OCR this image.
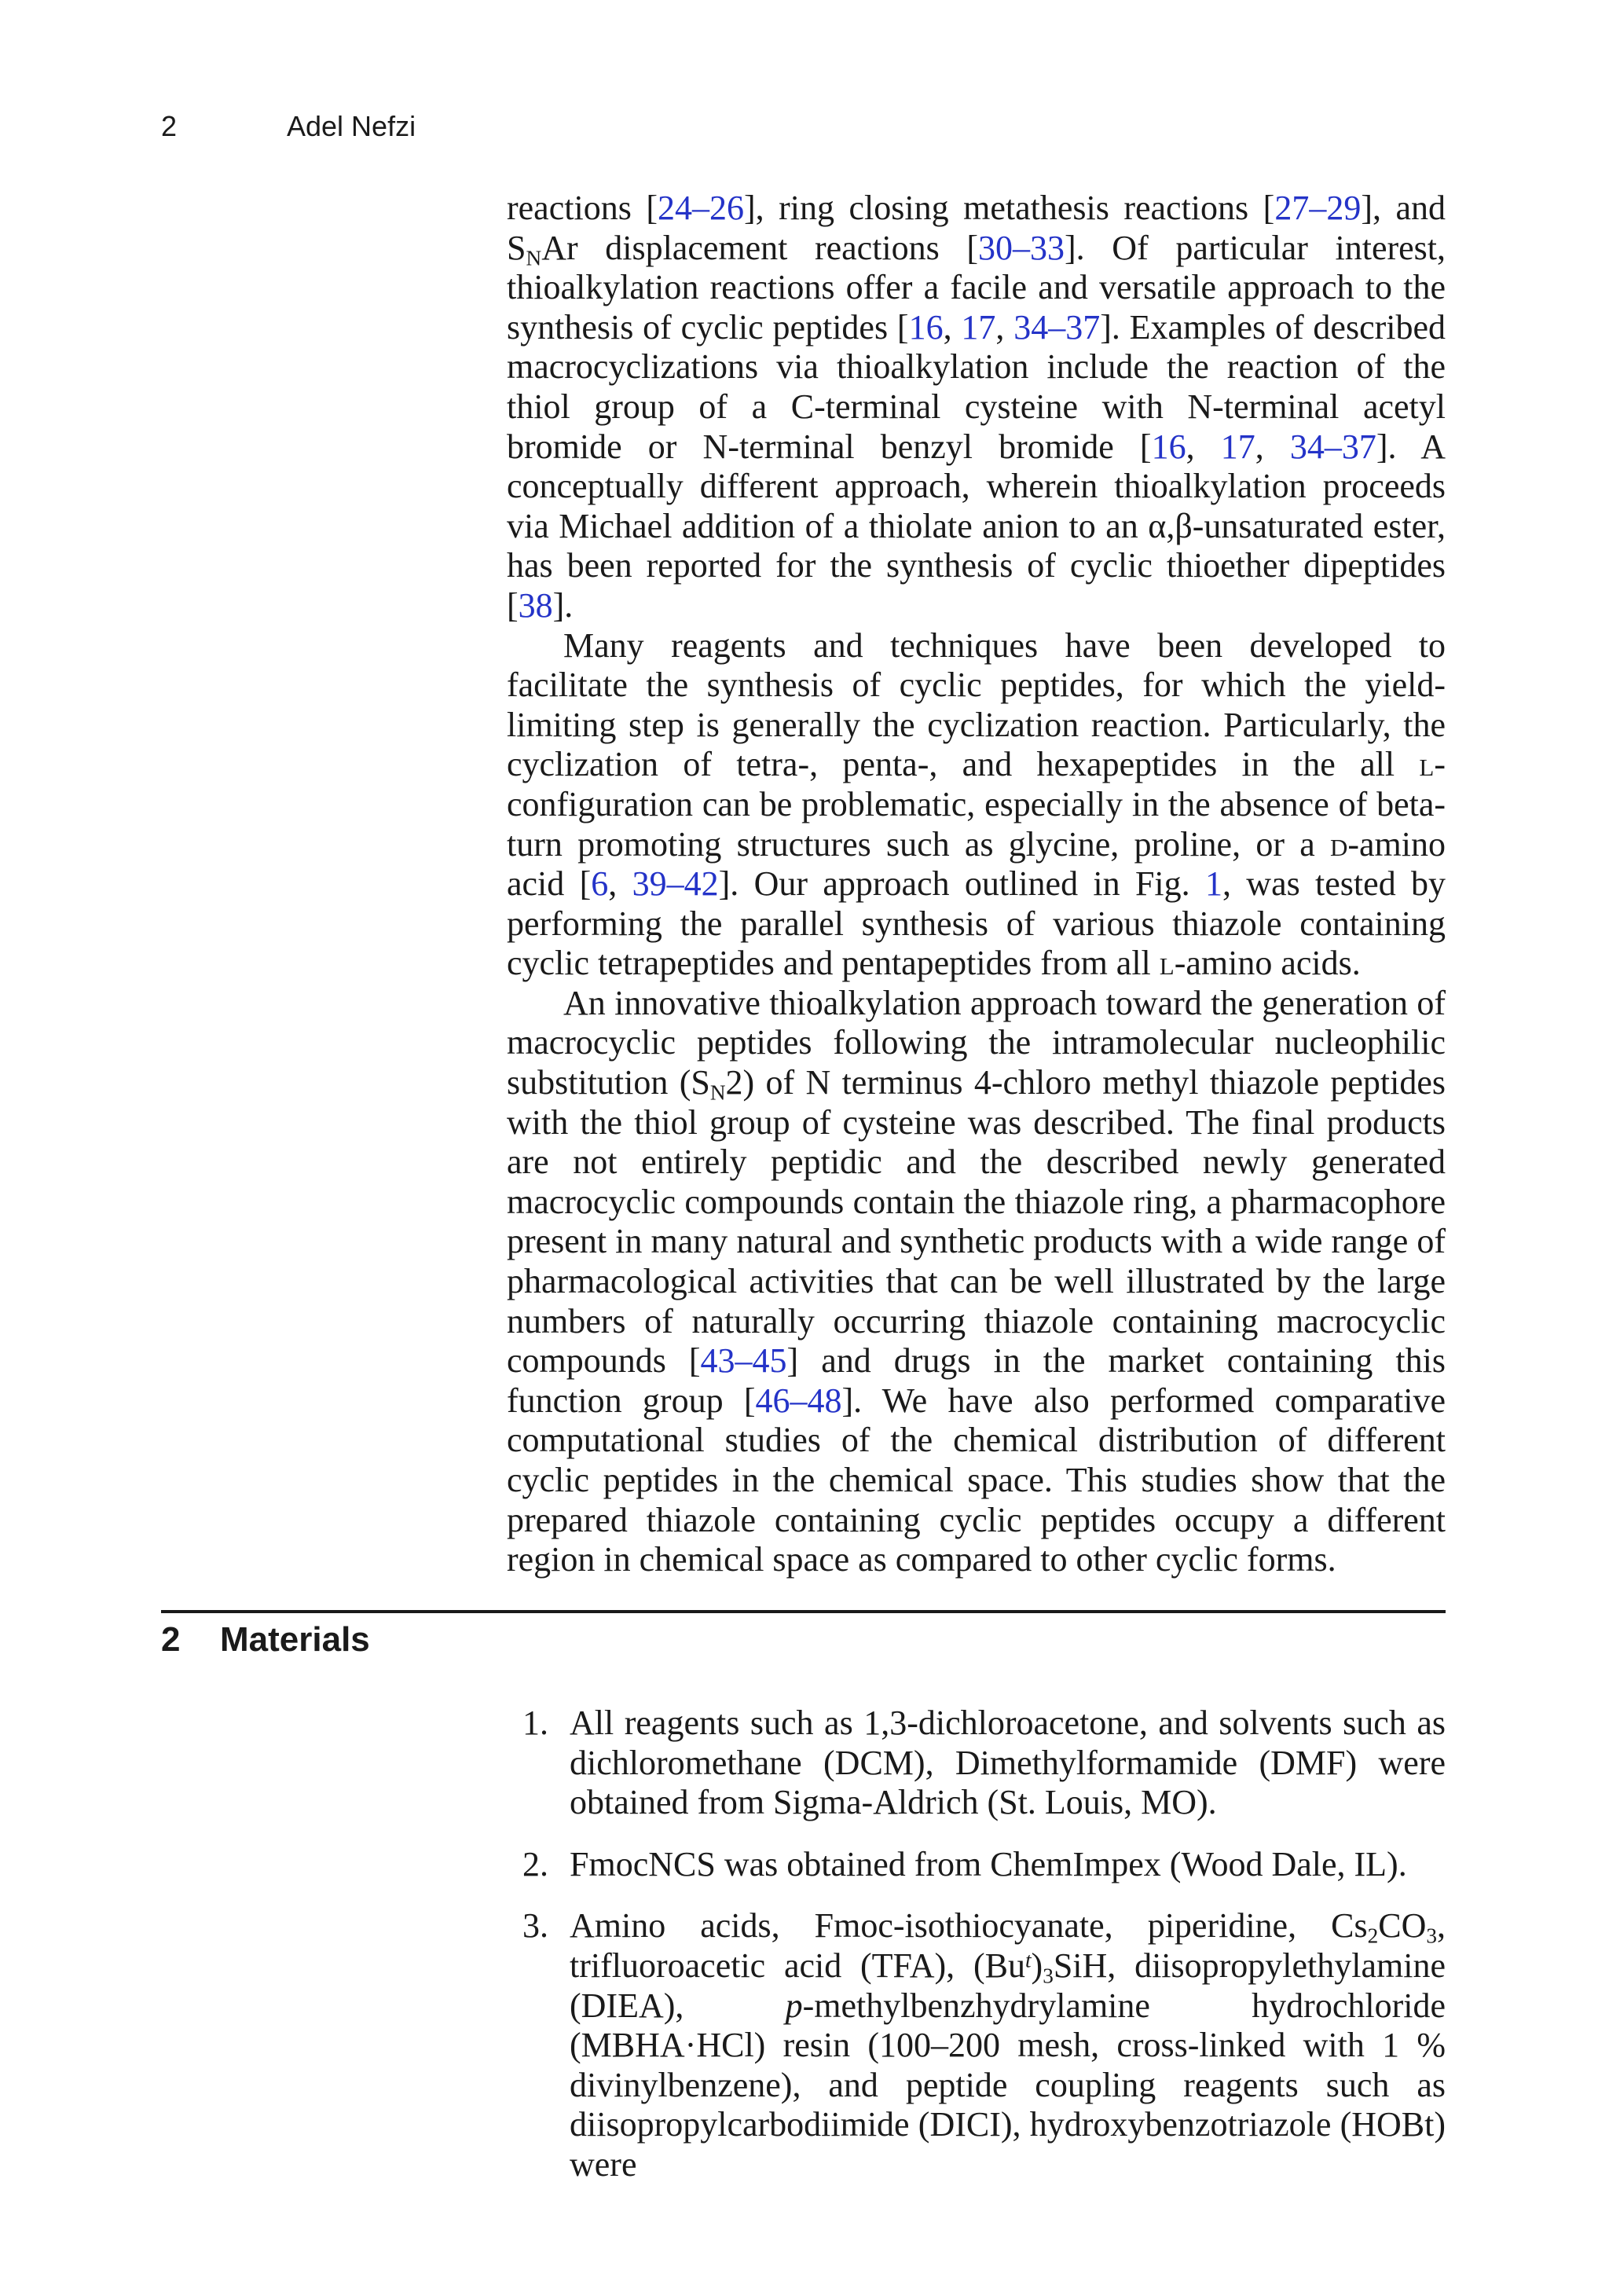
2	Adel Nefzi

reactions [24–26], ring closing metathesis reactions [27–29], and $S_NAr$ displacement reactions [30–33]. Of particular interest, thioalkylation reactions offer a facile and versatile approach to the synthesis of cyclic peptides [16, 17, 34–37]. Examples of described macrocyclizations via thioalkylation include the reaction of the thiol group of a C-terminal cysteine with N-terminal acetyl bromide or N-terminal benzyl bromide [16, 17, 34–37]. A conceptually different approach, wherein thioalkylation proceeds via Michael addition of a thiolate anion to an α,β-unsaturated ester, has been reported for the synthesis of cyclic thioether dipeptides [38].

Many reagents and techniques have been developed to facilitate the synthesis of cyclic peptides, for which the yield-limiting step is generally the cyclization reaction. Particularly, the cyclization of tetra-, penta-, and hexapeptides in the all l-configuration can be problematic, especially in the absence of beta-turn promoting structures such as glycine, proline, or a d-amino acid [6, 39–42]. Our approach outlined in Fig. 1, was tested by performing the parallel synthesis of various thiazole containing cyclic tetrapeptides and pentapeptides from all l-amino acids.

An innovative thioalkylation approach toward the generation of macrocyclic peptides following the intramolecular nucleophilic substitution $(S_N2)$ of N terminus 4-chloro methyl thiazole peptides with the thiol group of cysteine was described. The final products are not entirely peptidic and the described newly generated macrocyclic compounds contain the thiazole ring, a pharmacophore present in many natural and synthetic products with a wide range of pharmacological activities that can be well illustrated by the large numbers of naturally occurring thiazole containing macrocyclic compounds [43–45] and drugs in the market containing this function group [46–48]. We have also performed comparative computational studies of the chemical distribution of different cyclic peptides in the chemical space. This studies show that the prepared thiazole containing cyclic peptides occupy a different region in chemical space as compared to other cyclic forms.

2 Materials
1. All reagents such as 1,3-dichloroacetone, and solvents such as dichloromethane (DCM), Dimethylformamide (DMF) were obtained from Sigma-Aldrich (St. Louis, MO).
2. FmocNCS was obtained from ChemImpex (Wood Dale, IL).
3. Amino acids, Fmoc-isothiocyanate, piperidine, $Cs_2CO_3$, trifluoroacetic acid (TFA), $(Bu^t)_3SiH$, diisopropylethylamine (DIEA), p-methylbenzhydrylamine hydrochloride (MBHA·HCl) resin (100–200 mesh, cross-linked with 1 % divinylbenzene), and peptide coupling reagents such as diisopropylcarbodiimide (DICI), hydroxybenzotriazole (HOBt) were
